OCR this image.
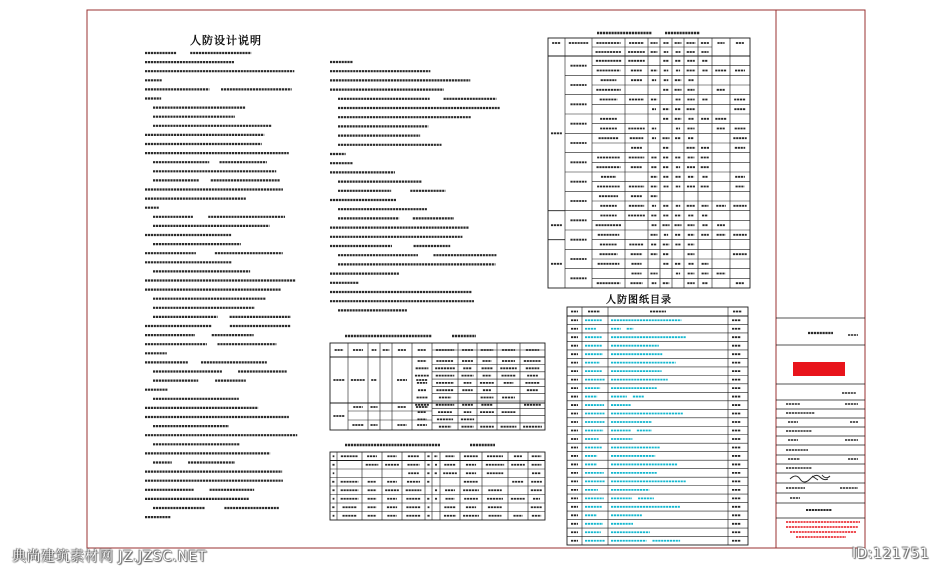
人防设计说明
人防图纸目录
典尚建筑素材网 JZ.JZSC.NET	ID:121751
